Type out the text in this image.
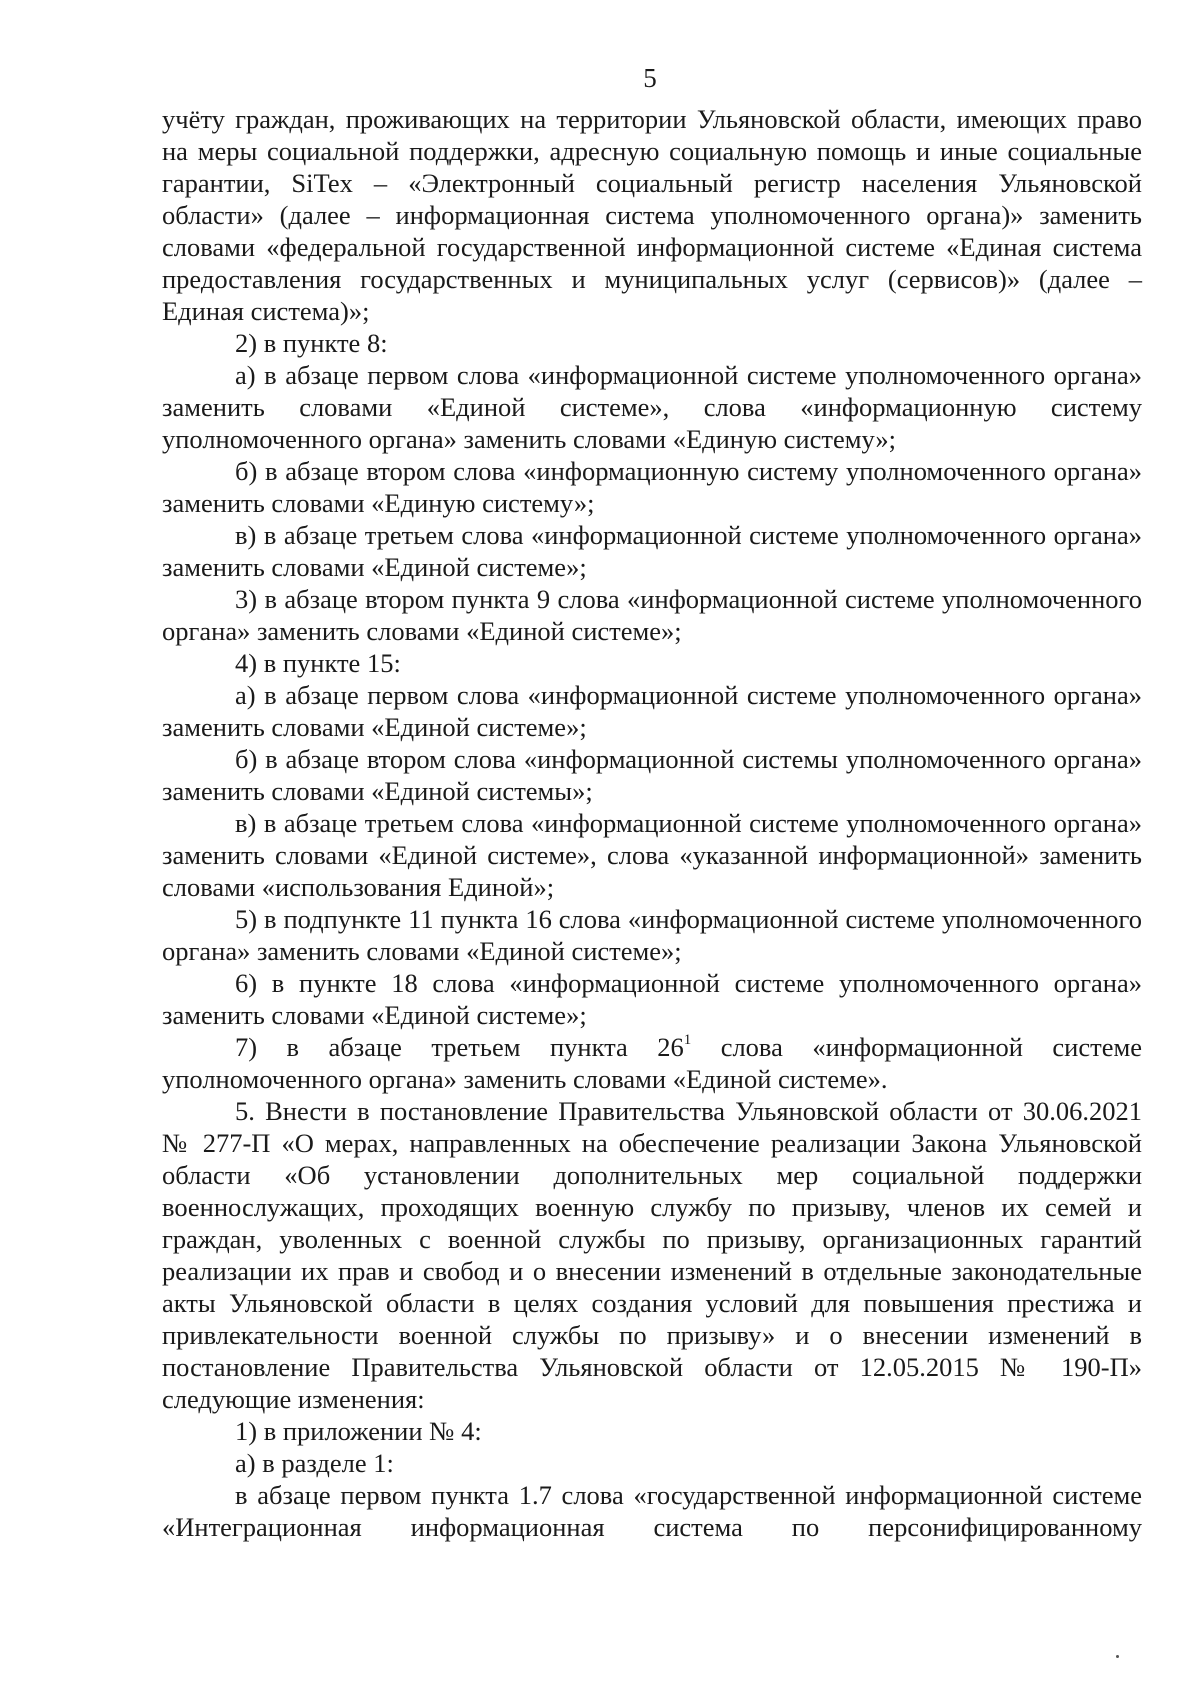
5

учёту граждан, проживающих на территории Ульяновской области, имеющих право на меры социальной поддержки, адресную социальную помощь и иные социальные гарантии, SiTex – «Электронный социальный регистр населения Ульяновской области» (далее – информационная система уполномоченного органа)» заменить словами «федеральной государственной информационной системе «Единая система предоставления государственных и муниципальных услуг (сервисов)» (далее – Единая система)»;

2) в пункте 8:

а) в абзаце первом слова «информационной системе уполномоченного органа» заменить словами «Единой системе», слова «информационную систему уполномоченного органа» заменить словами «Единую систему»;

б) в абзаце втором слова «информационную систему уполномоченного органа» заменить словами «Единую систему»;

в) в абзаце третьем слова «информационной системе уполномоченного органа» заменить словами «Единой системе»;

3) в абзаце втором пункта 9 слова «информационной системе уполномоченного органа» заменить словами «Единой системе»;

4) в пункте 15:

а) в абзаце первом слова «информационной системе уполномоченного органа» заменить словами «Единой системе»;

б) в абзаце втором слова «информационной системы уполномоченного органа» заменить словами «Единой системы»;

в) в абзаце третьем слова «информационной системе уполномоченного органа» заменить словами «Единой системе», слова «указанной информационной» заменить словами «использования Единой»;

5) в подпункте 11 пункта 16 слова «информационной системе уполномоченного органа» заменить словами «Единой системе»;

6) в пункте 18 слова «информационной системе уполномоченного органа» заменить словами «Единой системе»;

7) в абзаце третьем пункта $26^1$ слова «информационной системе уполномоченного органа» заменить словами «Единой системе».

5. Внести в постановление Правительства Ульяновской области от 30.06.2021 № 277-П «О мерах, направленных на обеспечение реализации Закона Ульяновской области «Об установлении дополнительных мер социальной поддержки военнослужащих, проходящих военную службу по призыву, членов их семей и граждан, уволенных с военной службы по призыву, организационных гарантий реализации их прав и свобод и о внесении изменений в отдельные законодательные акты Ульяновской области в целях создания условий для повышения престижа и привлекательности военной службы по призыву» и о внесении изменений в постановление Правительства Ульяновской области от 12.05.2015 № 190-П» следующие изменения:

1) в приложении № 4:

а) в разделе 1:

в абзаце первом пункта 1.7 слова «государственной информационной системе «Интеграционная информационная система по персонифицированному
